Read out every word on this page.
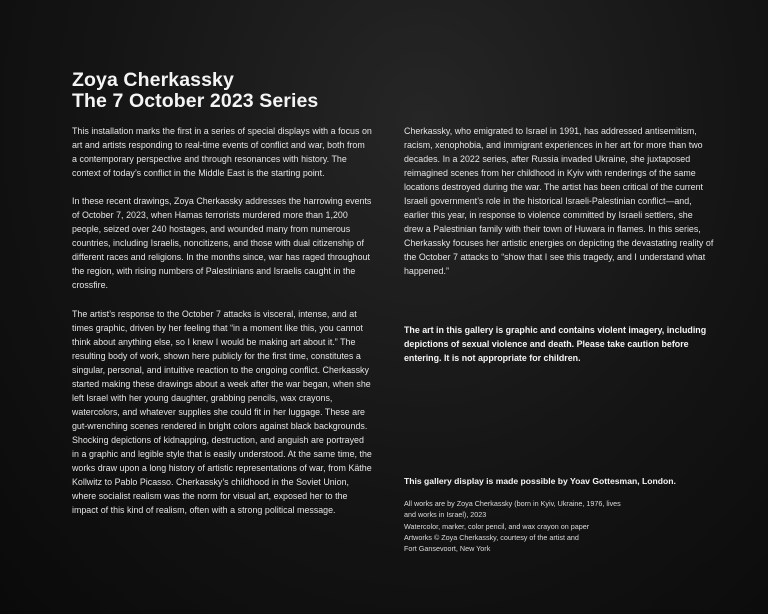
Zoya Cherkassky
The 7 October 2023 Series

This installation marks the first in a series of special displays with a focus on art and artists responding to real-time events of conflict and war, both from a contemporary perspective and through resonances with history. The context of today’s conflict in the Middle East is the starting point.

In these recent drawings, Zoya Cherkassky addresses the harrowing events of October 7, 2023, when Hamas terrorists murdered more than 1,200 people, seized over 240 hostages, and wounded many from numerous countries, including Israelis, noncitizens, and those with dual citizenship of different races and religions. In the months since, war has raged throughout the region, with rising numbers of Palestinians and Israelis caught in the crossfire.

The artist’s response to the October 7 attacks is visceral, intense, and at times graphic, driven by her feeling that “in a moment like this, you cannot think about anything else, so I knew I would be making art about it.” The resulting body of work, shown here publicly for the first time, constitutes a singular, personal, and intuitive reaction to the ongoing conflict. Cherkassky started making these drawings about a week after the war began, when she left Israel with her young daughter, grabbing pencils, wax crayons, watercolors, and whatever supplies she could fit in her luggage. These are gut-wrenching scenes rendered in bright colors against black backgrounds. Shocking depictions of kidnapping, destruction, and anguish are portrayed in a graphic and legible style that is easily understood. At the same time, the works draw upon a long history of artistic representations of war, from Käthe Kollwitz to Pablo Picasso. Cherkassky’s childhood in the Soviet Union, where socialist realism was the norm for visual art, exposed her to the impact of this kind of realism, often with a strong political message.

Cherkassky, who emigrated to Israel in 1991, has addressed antisemitism, racism, xenophobia, and immigrant experiences in her art for more than two decades. In a 2022 series, after Russia invaded Ukraine, she juxtaposed reimagined scenes from her childhood in Kyiv with renderings of the same locations destroyed during the war. The artist has been critical of the current Israeli government’s role in the historical Israeli-Palestinian conflict—and, earlier this year, in response to violence committed by Israeli settlers, she drew a Palestinian family with their town of Huwara in flames. In this series, Cherkassky focuses her artistic energies on depicting the devastating reality of the October 7 attacks to “show that I see this tragedy, and I understand what happened.”

The art in this gallery is graphic and contains violent imagery, including depictions of sexual violence and death. Please take caution before entering. It is not appropriate for children.

This gallery display is made possible by Yoav Gottesman, London.

All works are by Zoya Cherkassky (born in Kyiv, Ukraine, 1976, lives
and works in Israel), 2023
Watercolor, marker, color pencil, and wax crayon on paper
Artworks © Zoya Cherkassky, courtesy of the artist and
Fort Gansevoort, New York
